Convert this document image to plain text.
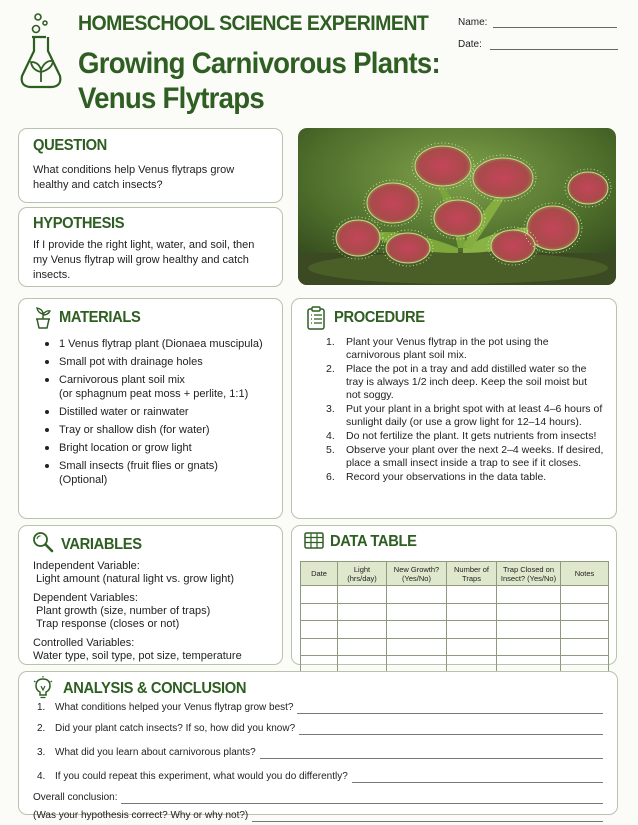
HOMESCHOOL SCIENCE EXPERIMENT
Growing Carnivorous Plants:
Venus Flytraps
Name:
Date:
QUESTION

What conditions help Venus flytraps grow healthy and catch insects?

HYPOTHESIS

If I provide the right light, water, and soil, then my Venus flytrap will grow healthy and catch insects.

MATERIALS
1 Venus flytrap plant (Dionaea muscipula)
Small pot with drainage holes
Carnivorous plant soil mix
(or sphagnum peat moss + perlite, 1:1)
Distilled water or rainwater
Tray or shallow dish (for water)
Bright location or grow light
Small insects (fruit flies or gnats)
(Optional)
PROCEDURE
1. Plant your Venus flytrap in the pot using the carnivorous plant soil mix.
2. Place the pot in a tray and add distilled water so the tray is always 1/2 inch deep. Keep the soil moist but not soggy.
3. Put your plant in a bright spot with at least 4–6 hours of sunlight daily (or use a grow light for 12–14 hours).
4. Do not fertilize the plant. It gets nutrients from insects!
5. Observe your plant over the next 2–4 weeks. If desired, place a small insect inside a trap to see if it closes.
6. Record your observations in the data table.
VARIABLES
Independent Variable:
Light amount (natural light vs. grow light)
Dependent Variables:
Plant growth (size, number of traps)
Trap response (closes or not)
Controlled Variables:
Water type, soil type, pot size, temperature
DATA TABLE
Date	Light (hrs/day)	New Growth? (Yes/No)	Number of Traps	Trap Closed on Insect? (Yes/No)	Notes

ANALYSIS & CONCLUSION
1. What conditions helped your Venus flytrap grow best?
2. Did your plant catch insects? If so, how did you know?
3. What did you learn about carnivorous plants?
4. If you could repeat this experiment, what would you do differently?
Overall conclusion:
(Was your hypothesis correct? Why or why not?)
